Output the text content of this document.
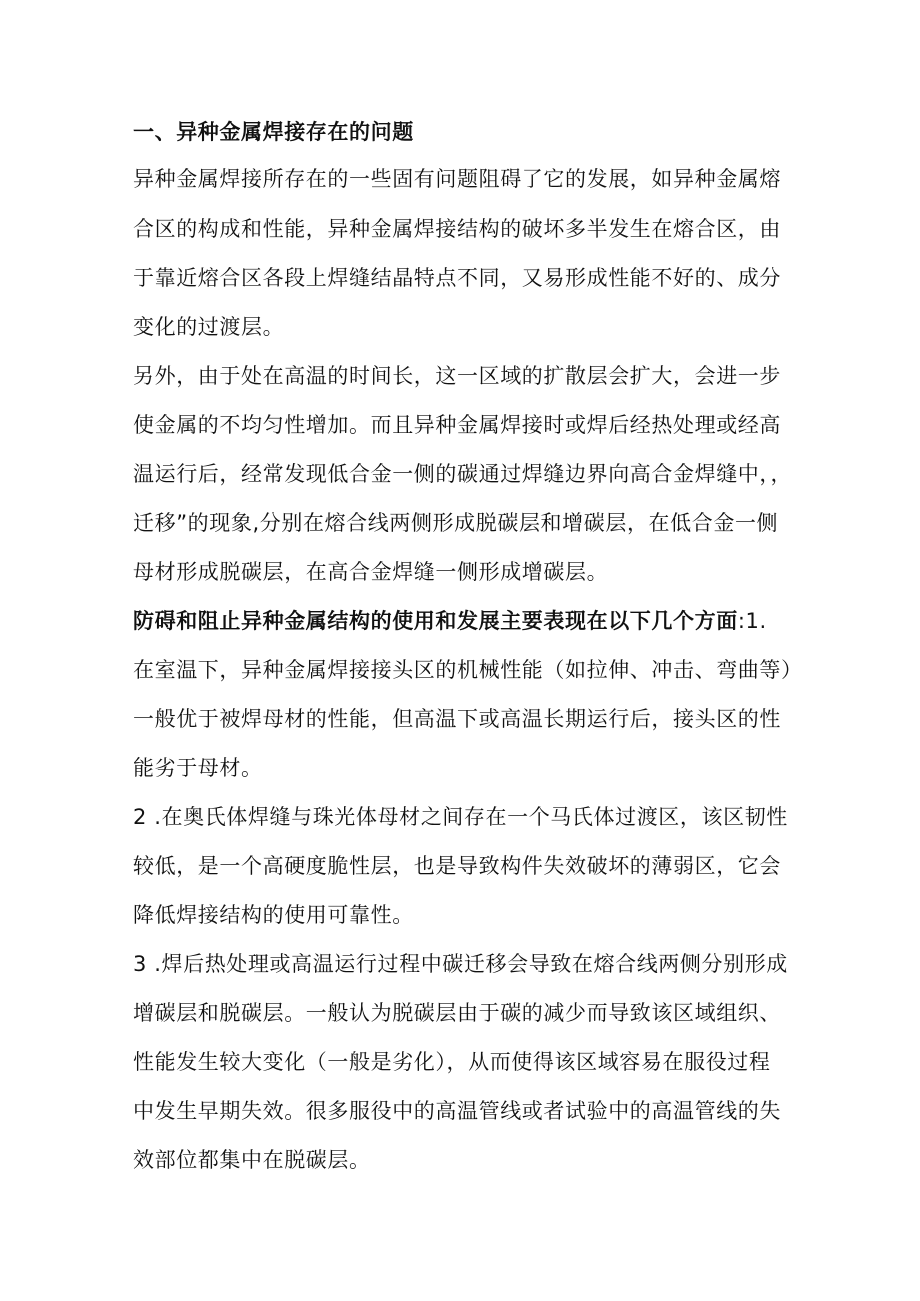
一、异种金属焊接存在的问题
异种金属焊接所存在的一些固有问题阻碍了它的发展，如异种金属熔
合区的构成和性能，异种金属焊接结构的破坏多半发生在熔合区，由
于靠近熔合区各段上焊缝结晶特点不同，又易形成性能不好的、成分
变化的过渡层。
另外，由于处在高温的时间长，这一区域的扩散层会扩大，会进一步
使金属的不均匀性增加。而且异种金属焊接时或焊后经热处理或经高
温运行后，经常发现低合金一侧的碳通过焊缝边界向高合金焊缝中，，
迁移”的现象,分别在熔合线两侧形成脱碳层和增碳层，在低合金一侧
母材形成脱碳层，在高合金焊缝一侧形成增碳层。
防碍和阻止异种金属结构的使用和发展主要表现在以下几个方面:1.
在室温下，异种金属焊接接头区的机械性能（如拉伸、冲击、弯曲等）
一般优于被焊母材的性能，但高温下或高温长期运行后，接头区的性
能劣于母材。
2 .在奥氏体焊缝与珠光体母材之间存在一个马氏体过渡区，该区韧性
较低，是一个高硬度脆性层，也是导致构件失效破坏的薄弱区，它会
降低焊接结构的使用可靠性。
3 .焊后热处理或高温运行过程中碳迁移会导致在熔合线两侧分别形成
增碳层和脱碳层。一般认为脱碳层由于碳的减少而导致该区域组织、
性能发生较大变化（一般是劣化），从而使得该区域容易在服役过程
中发生早期失效。很多服役中的高温管线或者试验中的高温管线的失
效部位都集中在脱碳层。
